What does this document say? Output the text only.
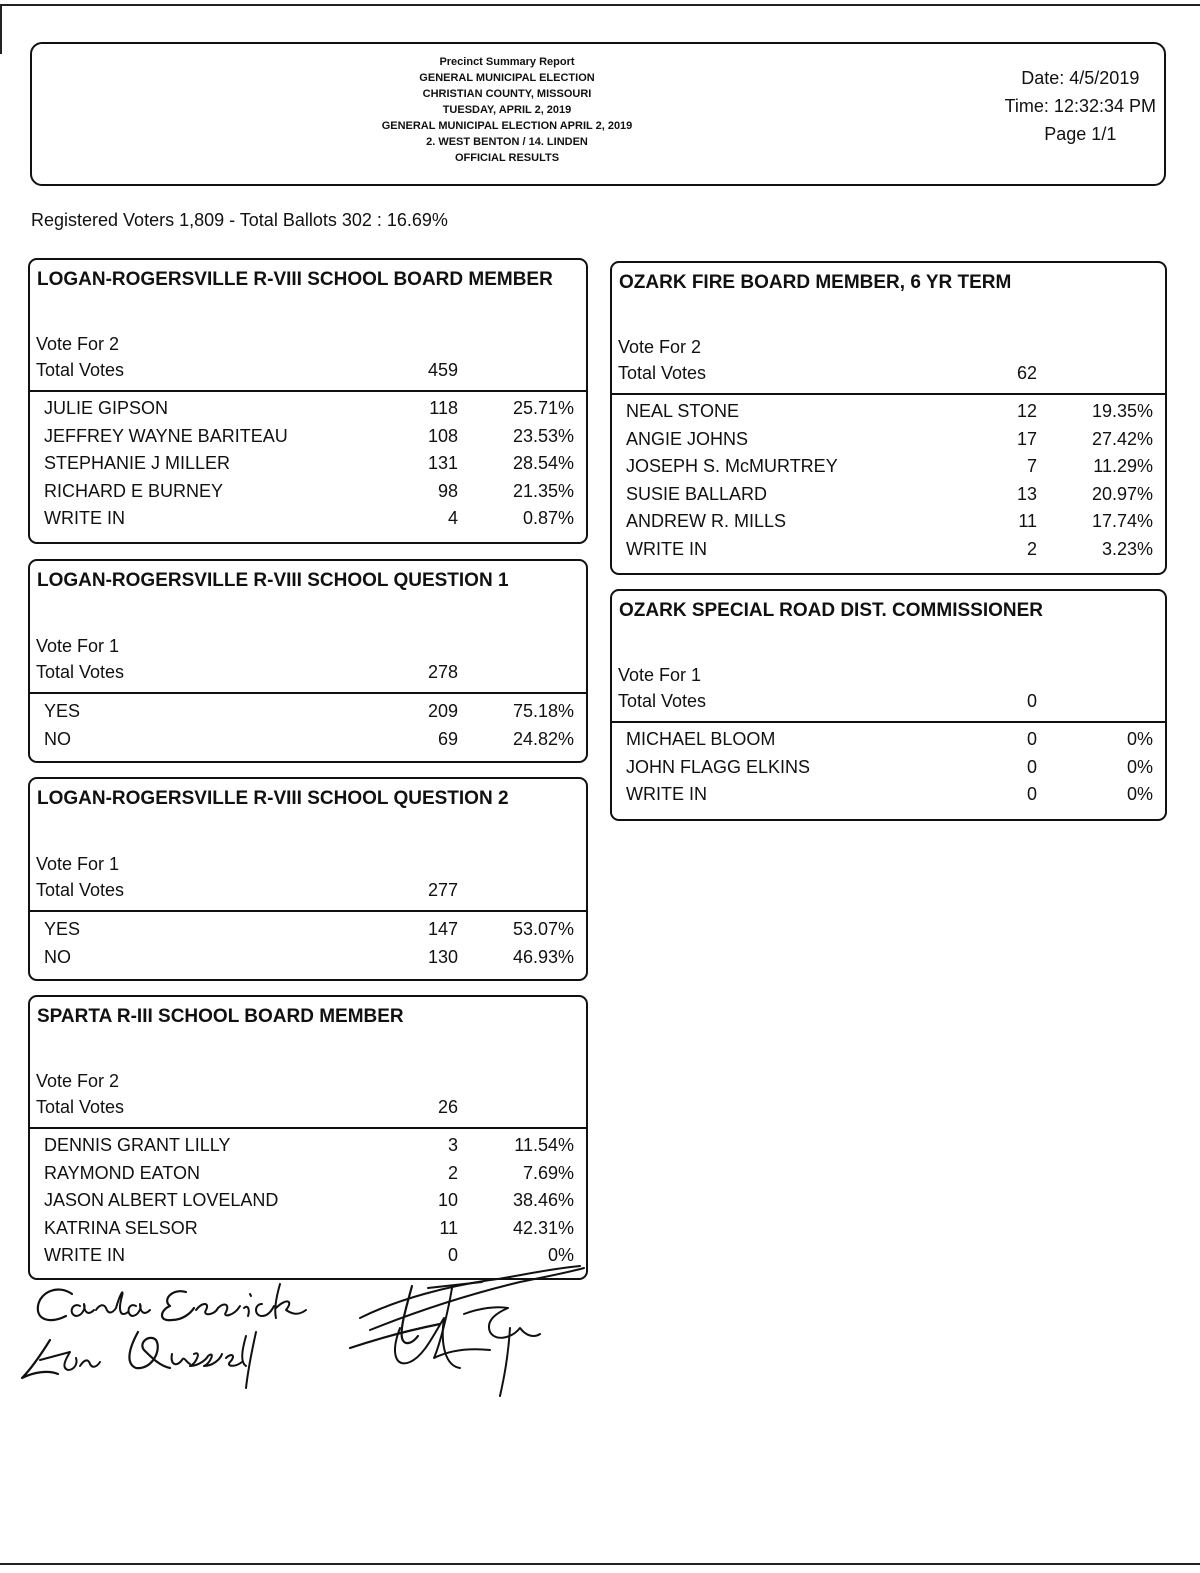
Precinct Summary Report
GENERAL MUNICIPAL ELECTION
CHRISTIAN COUNTY, MISSOURI
TUESDAY, APRIL 2, 2019
GENERAL MUNICIPAL ELECTION APRIL 2, 2019
2. WEST BENTON / 14. LINDEN
OFFICIAL RESULTS
Date: 4/5/2019
Time: 12:32:34 PM
Page 1/1
Registered Voters 1,809 - Total Ballots 302 : 16.69%
LOGAN-ROGERSVILLE R-VIII SCHOOL BOARD MEMBER
Vote For 2
Total Votes	459
JULIE GIPSON	118	25.71%
JEFFREY WAYNE BARITEAU	108	23.53%
STEPHANIE J MILLER	131	28.54%
RICHARD E BURNEY	98	21.35%
WRITE IN	4	0.87%
LOGAN-ROGERSVILLE R-VIII SCHOOL QUESTION 1
Vote For 1
Total Votes	278
YES	209	75.18%
NO	69	24.82%
LOGAN-ROGERSVILLE R-VIII SCHOOL QUESTION 2
Vote For 1
Total Votes	277
YES	147	53.07%
NO	130	46.93%
SPARTA R-III SCHOOL BOARD MEMBER
Vote For 2
Total Votes	26
DENNIS GRANT LILLY	3	11.54%
RAYMOND EATON	2	7.69%
JASON ALBERT LOVELAND	10	38.46%
KATRINA SELSOR	11	42.31%
WRITE IN	0	0%
OZARK FIRE BOARD MEMBER, 6 YR TERM
Vote For 2
Total Votes	62
NEAL STONE	12	19.35%
ANGIE JOHNS	17	27.42%
JOSEPH S. McMURTREY	7	11.29%
SUSIE BALLARD	13	20.97%
ANDREW R. MILLS	11	17.74%
WRITE IN	2	3.23%
OZARK SPECIAL ROAD DIST. COMMISSIONER
Vote For 1
Total Votes	0
MICHAEL BLOOM	0	0%
JOHN FLAGG ELKINS	0	0%
WRITE IN	0	0%
